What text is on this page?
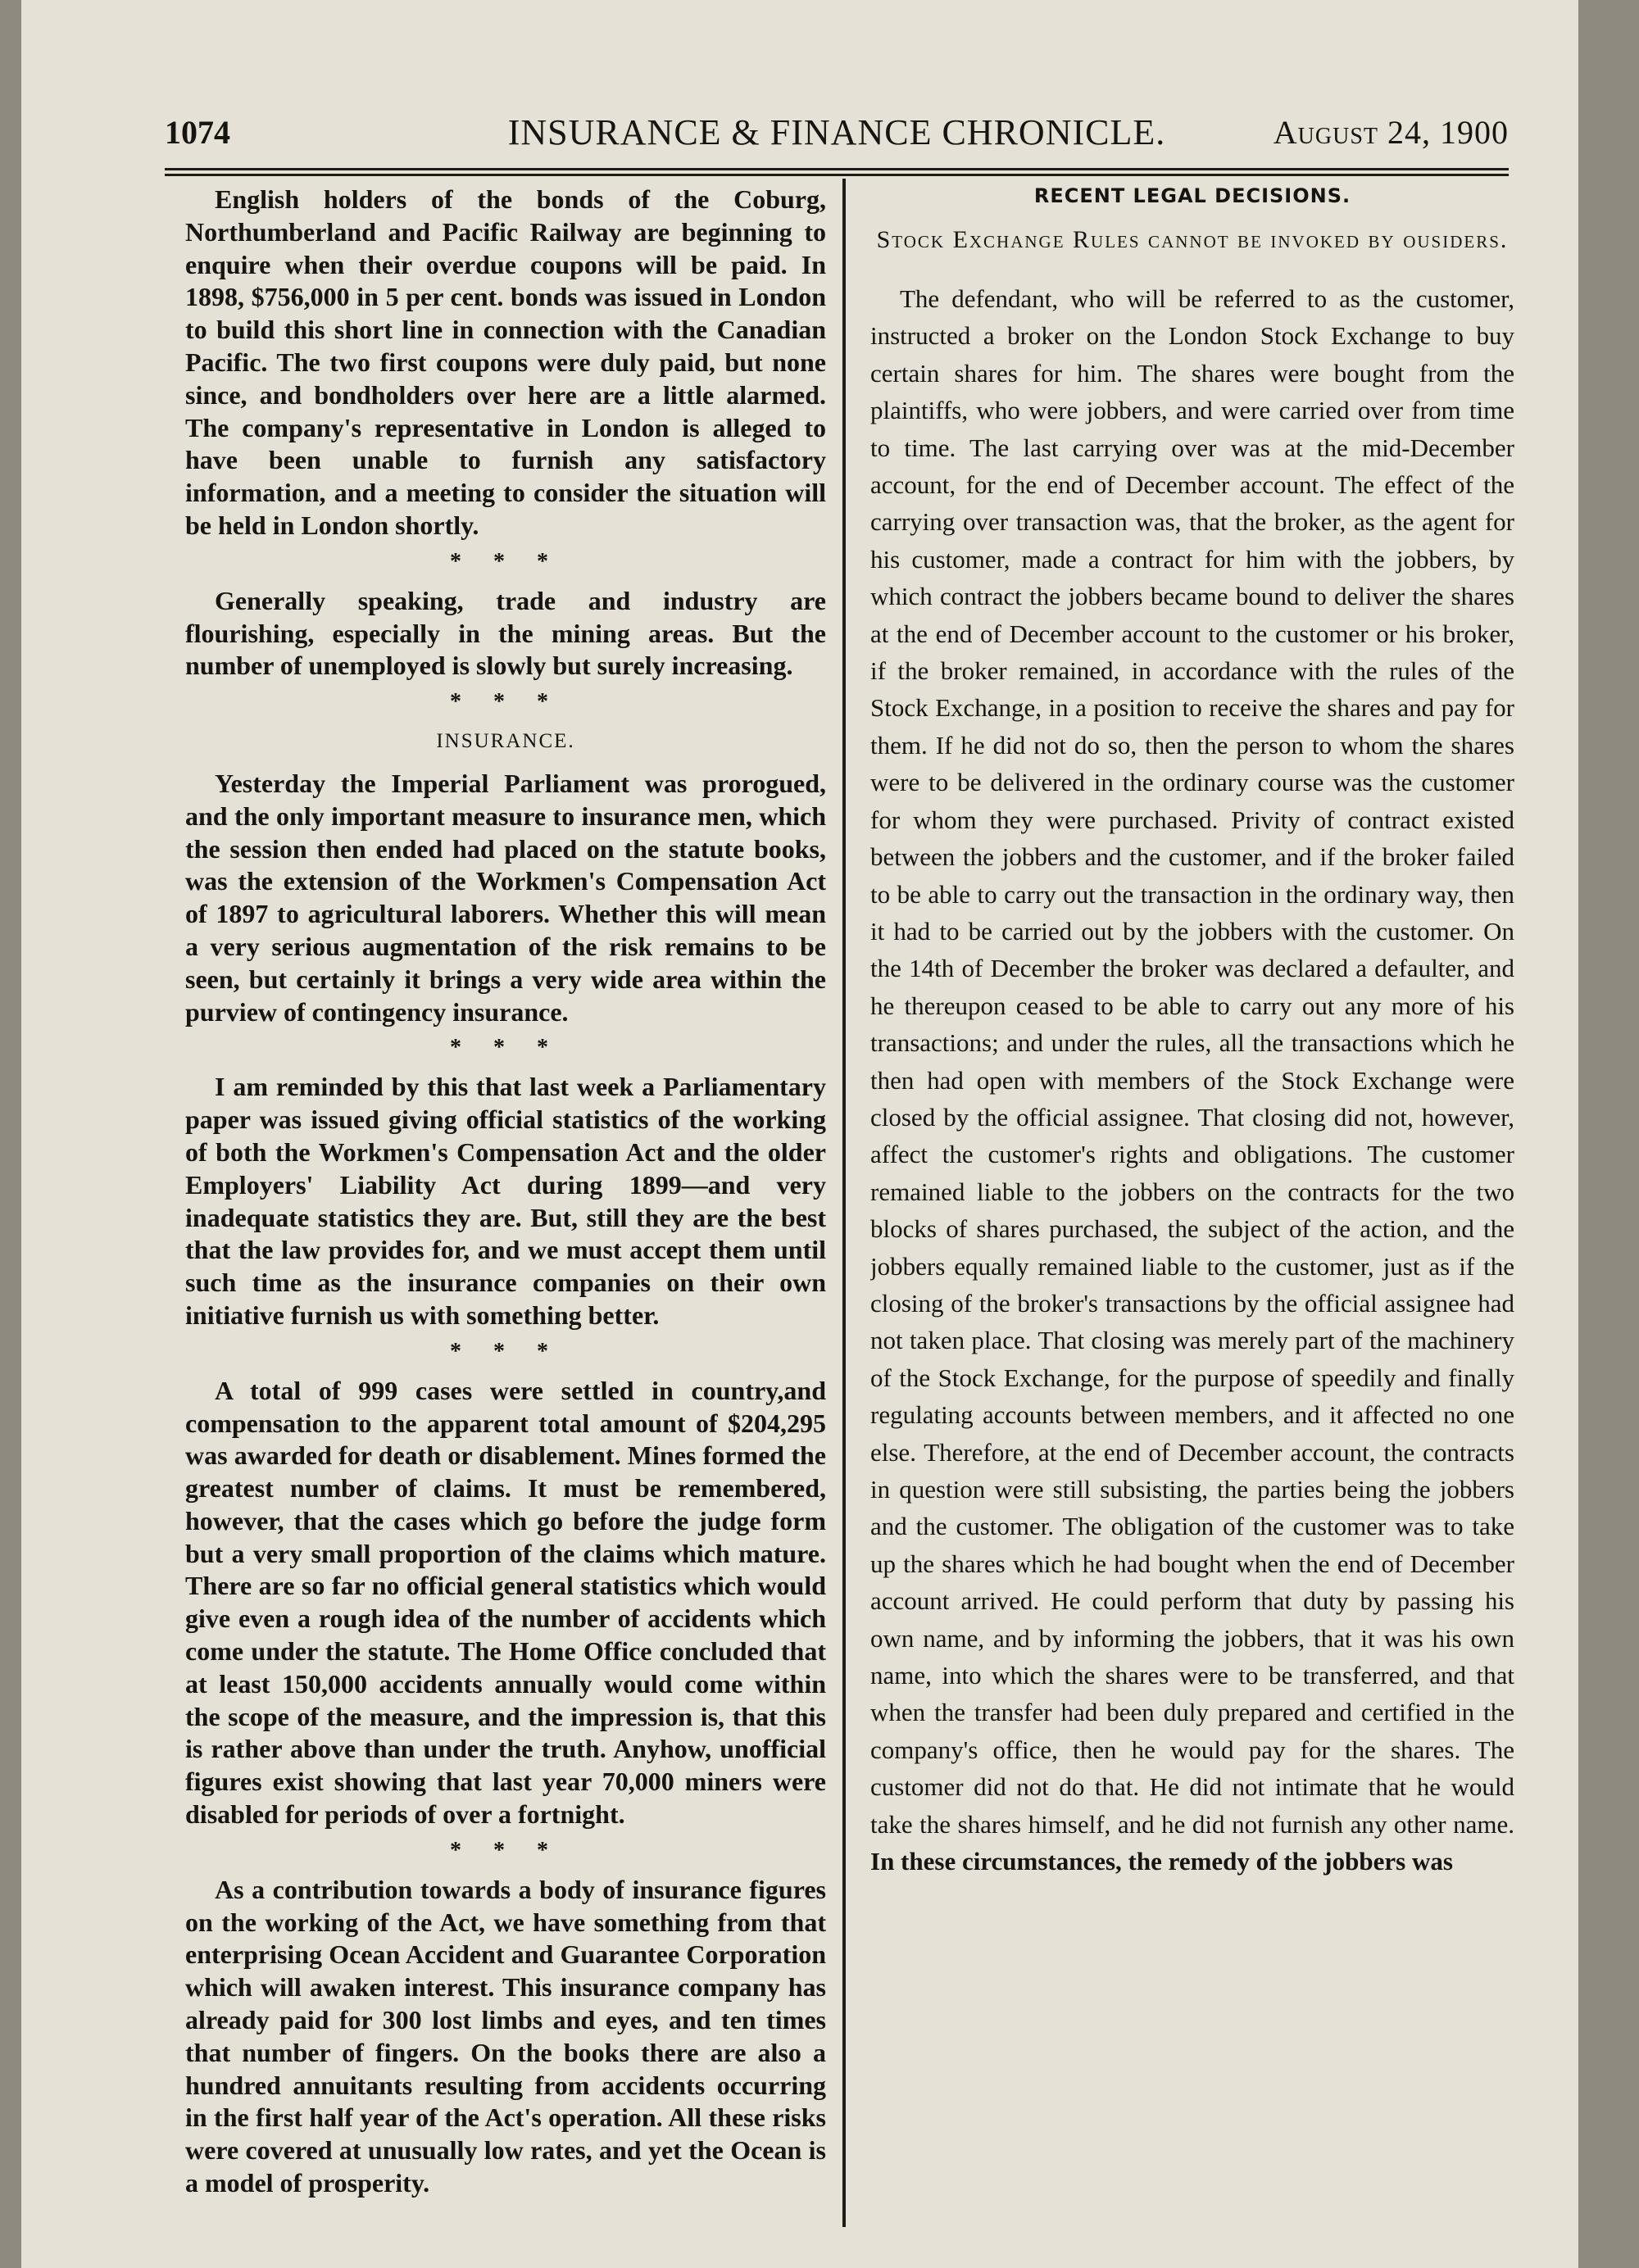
1074	INSURANCE & FINANCE CHRONICLE.	August 24, 1900

English holders of the bonds of the Coburg, Northumberland and Pacific Railway are beginning to enquire when their overdue coupons will be paid. In 1898, $756,000 in 5 per cent. bonds was issued in London to build this short line in connection with the Canadian Pacific. The two first coupons were duly paid, but none since, and bondholders over here are a little alarmed. The company's representative in London is alleged to have been unable to furnish any satisfactory information, and a meeting to consider the situation will be held in London shortly.

* * *

Generally speaking, trade and industry are flourishing, especially in the mining areas. But the number of unemployed is slowly but surely increasing.

* * *
INSURANCE.

Yesterday the Imperial Parliament was prorogued, and the only important measure to insurance men, which the session then ended had placed on the statute books, was the extension of the Workmen's Compensation Act of 1897 to agricultural laborers. Whether this will mean a very serious augmentation of the risk remains to be seen, but certainly it brings a very wide area within the purview of contingency insurance.

* * *

I am reminded by this that last week a Parliamentary paper was issued giving official statistics of the working of both the Workmen's Compensation Act and the older Employers' Liability Act during 1899—and very inadequate statistics they are. But, still they are the best that the law provides for, and we must accept them until such time as the insurance companies on their own initiative furnish us with something better.

* * *

A total of 999 cases were settled in country,and compensation to the apparent total amount of $204,295 was awarded for death or disablement. Mines formed the greatest number of claims. It must be remembered, however, that the cases which go before the judge form but a very small proportion of the claims which mature. There are so far no official general statistics which would give even a rough idea of the number of accidents which come under the statute. The Home Office concluded that at least 150,000 accidents annually would come within the scope of the measure, and the impression is, that this is rather above than under the truth. Anyhow, unofficial figures exist showing that last year 70,000 miners were disabled for periods of over a fortnight.

* * *

As a contribution towards a body of insurance figures on the working of the Act, we have something from that enterprising Ocean Accident and Guarantee Corporation which will awaken interest. This insurance company has already paid for 300 lost limbs and eyes, and ten times that number of fingers. On the books there are also a hundred annuitants resulting from accidents occurring in the first half year of the Act's operation. All these risks were covered at unusually low rates, and yet the Ocean is a model of prosperity.

RECENT LEGAL DECISIONS.
Stock Exchange Rules cannot be invoked by ousiders.

The defendant, who will be referred to as the customer, instructed a broker on the London Stock Exchange to buy certain shares for him. The shares were bought from the plaintiffs, who were jobbers, and were carried over from time to time. The last carrying over was at the mid-December account, for the end of December account. The effect of the carrying over transaction was, that the broker, as the agent for his customer, made a contract for him with the jobbers, by which contract the jobbers became bound to deliver the shares at the end of December account to the customer or his broker, if the broker remained, in accordance with the rules of the Stock Exchange, in a position to receive the shares and pay for them. If he did not do so, then the person to whom the shares were to be delivered in the ordinary course was the customer for whom they were purchased. Privity of contract existed between the jobbers and the customer, and if the broker failed to be able to carry out the transaction in the ordinary way, then it had to be carried out by the jobbers with the customer. On the 14th of December the broker was declared a defaulter, and he thereupon ceased to be able to carry out any more of his transactions; and under the rules, all the transactions which he then had open with members of the Stock Exchange were closed by the official assignee. That closing did not, however, affect the customer's rights and obligations. The customer remained liable to the jobbers on the contracts for the two blocks of shares purchased, the subject of the action, and the jobbers equally remained liable to the customer, just as if the closing of the broker's transactions by the official assignee had not taken place. That closing was merely part of the machinery of the Stock Exchange, for the purpose of speedily and finally regulating accounts between members, and it affected no one else. Therefore, at the end of December account, the contracts in question were still subsisting, the parties being the jobbers and the customer. The obligation of the customer was to take up the shares which he had bought when the end of December account arrived. He could perform that duty by passing his own name, and by informing the jobbers, that it was his own name, into which the shares were to be transferred, and that when the transfer had been duly prepared and certified in the company's office, then he would pay for the shares. The customer did not do that. He did not intimate that he would take the shares himself, and he did not furnish any other name. In these circumstances, the remedy of the jobbers was
